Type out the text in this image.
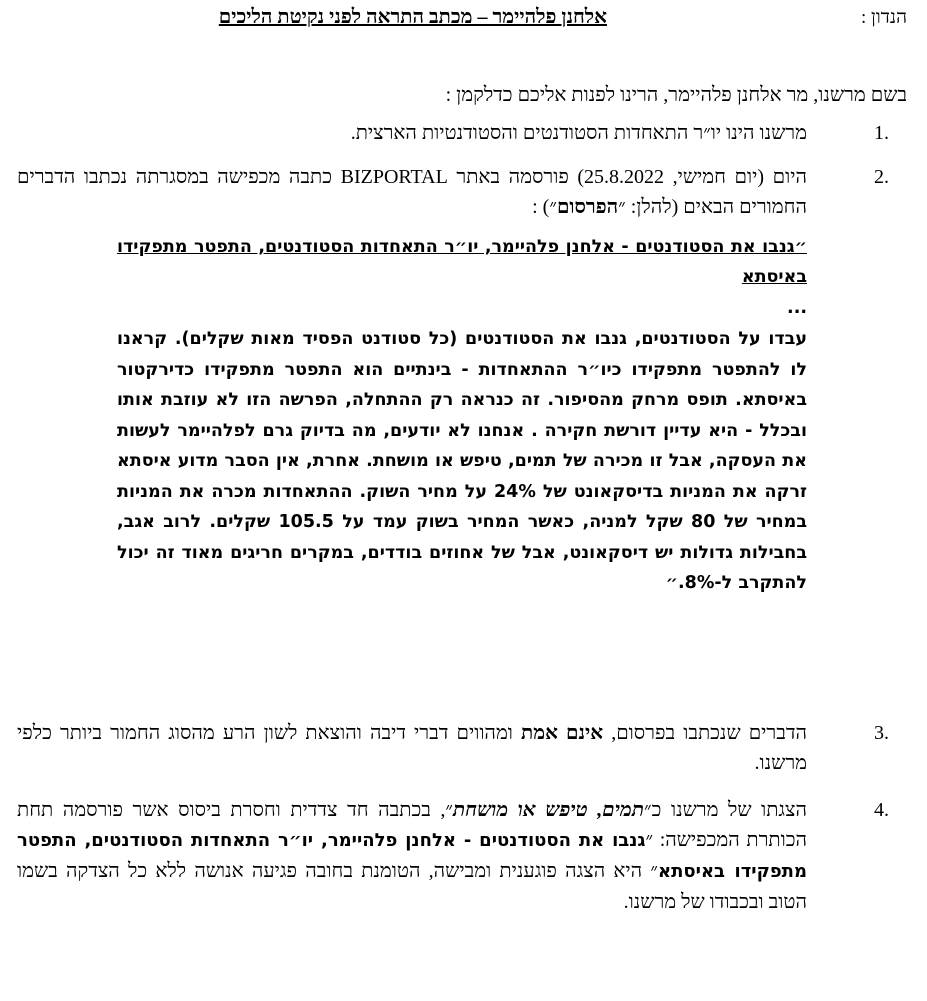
הנדון :אלחנן פלהיימר – מכתב התראה לפני נקיטת הליכים
בשם מרשנו, מר אלחנן פלהיימר, הרינו לפנות אליכם כדלקמן :
1.
מרשנו הינו יו״ר התאחדות הסטודנטים והסטודנטיות הארצית.
2.
היום (יום חמישי, 25.8.2022) פורסמה באתר BIZPORTAL כתבה מכפישה במסגרתה נכתבו הדברים החמורים הבאים (להלן: ״הפרסום״) :
״גנבו את הסטודנטים - אלחנן פלהיימר, יו״ר התאחדות הסטודנטים, התפטר מתפקידו באיסתא
...
עבדו על הסטודנטים, גנבו את הסטודנטים (כל סטודנט הפסיד מאות שקלים). קראנו לו להתפטר מתפקידו כיו״ר ההתאחדות - בינתיים הוא התפטר מתפקידו כדירקטור באיסתא. תופס מרחק מהסיפור. זה כנראה רק ההתחלה, הפרשה הזו לא עוזבת אותו ובכלל - היא עדיין דורשת חקירה . אנחנו לא יודעים, מה בדיוק גרם לפלהיימר לעשות את העסקה, אבל זו מכירה של תמים, טיפש או מושחת. אחרת, אין הסבר מדוע איסתא זרקה את המניות בדיסקאונט של 24% על מחיר השוק. ההתאחדות מכרה את המניות במחיר של 80 שקל למניה, כאשר המחיר בשוק עמד על 105.5 שקלים. לרוב אגב, בחבילות גדולות יש דיסקאונט, אבל של אחוזים בודדים, במקרים חריגים מאוד זה יכול להתקרב ל-8%.״
3.
הדברים שנכתבו בפרסום, אינם אמת ומהווים דברי דיבה והוצאת לשון הרע מהסוג החמור ביותר כלפי מרשנו.
4.
הצגתו של מרשנו כ״תמים, טיפש או מושחת״, בכתבה חד צדדית וחסרת ביסוס אשר פורסמה תחת הכותרת המכפישה: ״גנבו את הסטודנטים - אלחנן פלהיימר, יו״ר התאחדות הסטודנטים, התפטר מתפקידו באיסתא״ היא הצגה פוגענית ומבישה, הטומנת בחובה פגיעה אנושה ללא כל הצדקה בשמו הטוב ובכבודו של מרשנו.
